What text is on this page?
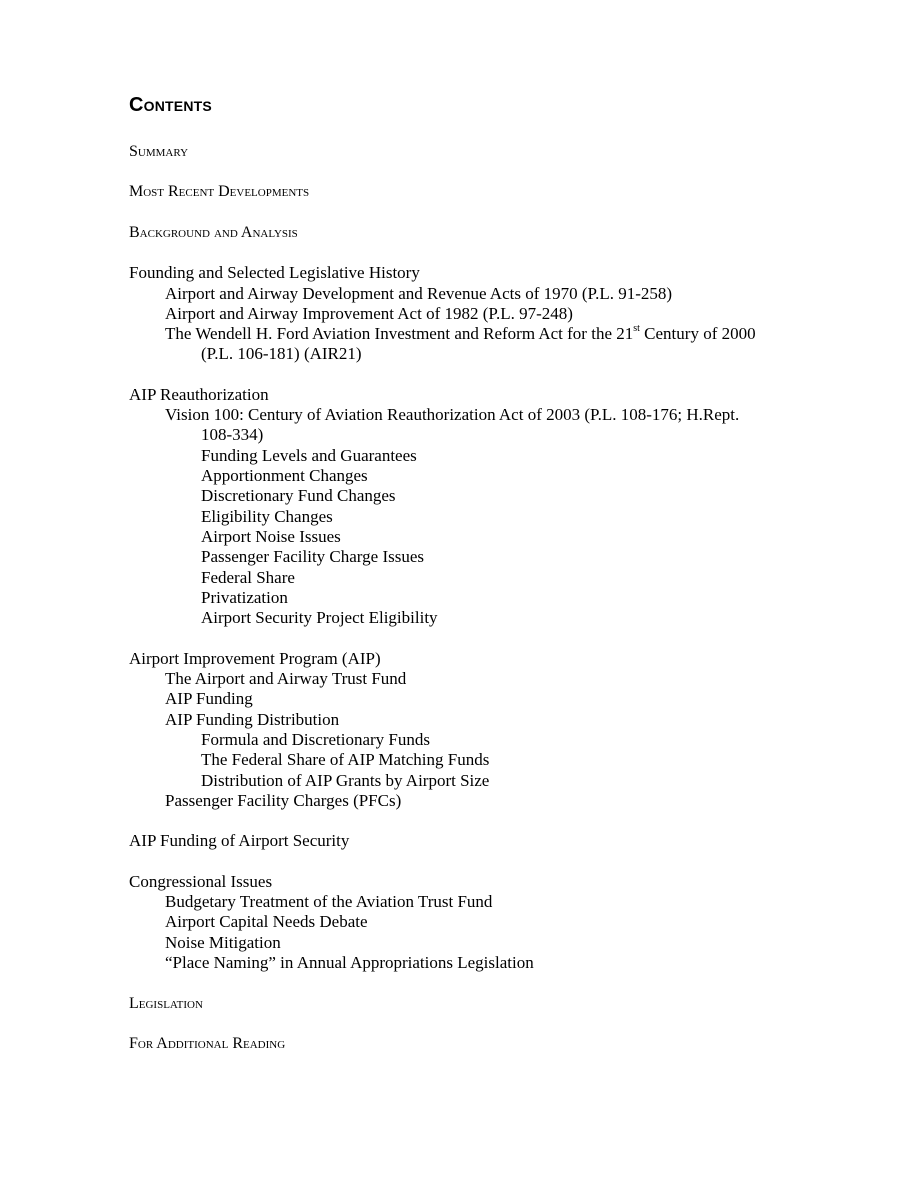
Contents
Summary
Most Recent Developments
Background and Analysis
Founding and Selected Legislative History
Airport and Airway Development and Revenue Acts of 1970 (P.L. 91-258)
Airport and Airway Improvement Act of 1982 (P.L. 97-248)
The Wendell H. Ford Aviation Investment and Reform Act for the 21st Century of 2000
(P.L. 106-181) (AIR21)
AIP Reauthorization
Vision 100: Century of Aviation Reauthorization Act of 2003 (P.L. 108-176; H.Rept.
108-334)
Funding Levels and Guarantees
Apportionment Changes
Discretionary Fund Changes
Eligibility Changes
Airport Noise Issues
Passenger Facility Charge Issues
Federal Share
Privatization
Airport Security Project Eligibility
Airport Improvement Program (AIP)
The Airport and Airway Trust Fund
AIP Funding
AIP Funding Distribution
Formula and Discretionary Funds
The Federal Share of AIP Matching Funds
Distribution of AIP Grants by Airport Size
Passenger Facility Charges (PFCs)
AIP Funding of Airport Security
Congressional Issues
Budgetary Treatment of the Aviation Trust Fund
Airport Capital Needs Debate
Noise Mitigation
“Place Naming” in Annual Appropriations Legislation
Legislation
For Additional Reading
